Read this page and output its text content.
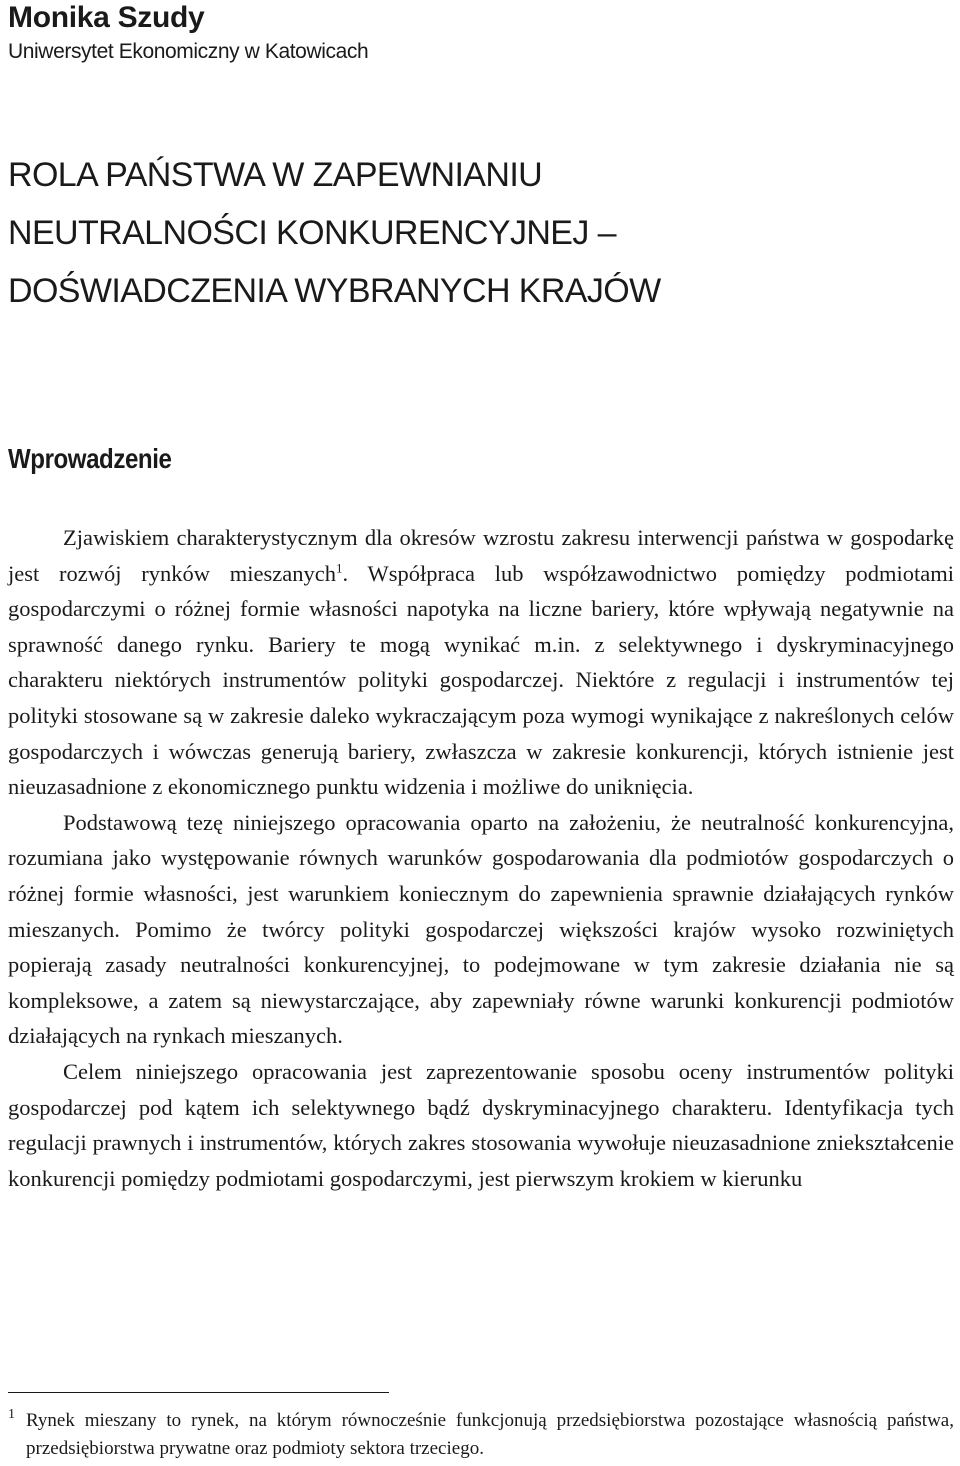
Monika Szudy

Uniwersytet Ekonomiczny w Katowicach

ROLA PAŃSTWA W ZAPEWNIANIU
NEUTRALNOŚCI KONKURENCYJNEJ –
DOŚWIADCZENIA WYBRANYCH KRAJÓW
Wprowadzenie

Zjawiskiem charakterystycznym dla okresów wzrostu zakresu interwencji państwa w gospodarkę jest rozwój rynków mieszanych$^1$. Współpraca lub współzawodnictwo pomiędzy podmiotami gospodarczymi o różnej formie własności napotyka na liczne bariery, które wpływają negatywnie na sprawność danego rynku. Bariery te mogą wynikać m.in. z selektywnego i dyskryminacyjnego charakteru niektórych instrumentów polityki gospodarczej. Niektóre z regulacji i instrumentów tej polityki stosowane są w zakresie daleko wykraczającym poza wymogi wynikające z nakreślonych celów gospodarczych i wówczas generują bariery, zwłaszcza w zakresie konkurencji, których istnienie jest nieuzasadnione z ekonomicznego punktu widzenia i możliwe do uniknięcia.

Podstawową tezę niniejszego opracowania oparto na założeniu, że neutralność konkurencyjna, rozumiana jako występowanie równych warunków gospodarowania dla podmiotów gospodarczych o różnej formie własności, jest warunkiem koniecznym do zapewnienia sprawnie działających rynków mieszanych. Pomimo że twórcy polityki gospodarczej większości krajów wysoko rozwiniętych popierają zasady neutralności konkurencyjnej, to podejmowane w tym zakresie działania nie są kompleksowe, a zatem są niewystarczające, aby zapewniały równe warunki konkurencji podmiotów działających na rynkach mieszanych.

Celem niniejszego opracowania jest zaprezentowanie sposobu oceny instrumentów polityki gospodarczej pod kątem ich selektywnego bądź dyskryminacyjnego charakteru. Identyfikacja tych regulacji prawnych i instrumentów, których zakres stosowania wywołuje nieuzasadnione zniekształcenie konkurencji pomiędzy podmiotami gospodarczymi, jest pierwszym krokiem w kierunku

1 Rynek mieszany to rynek, na którym równocześnie funkcjonują przedsiębiorstwa pozostające własnością państwa, przedsiębiorstwa prywatne oraz podmioty sektora trzeciego.
